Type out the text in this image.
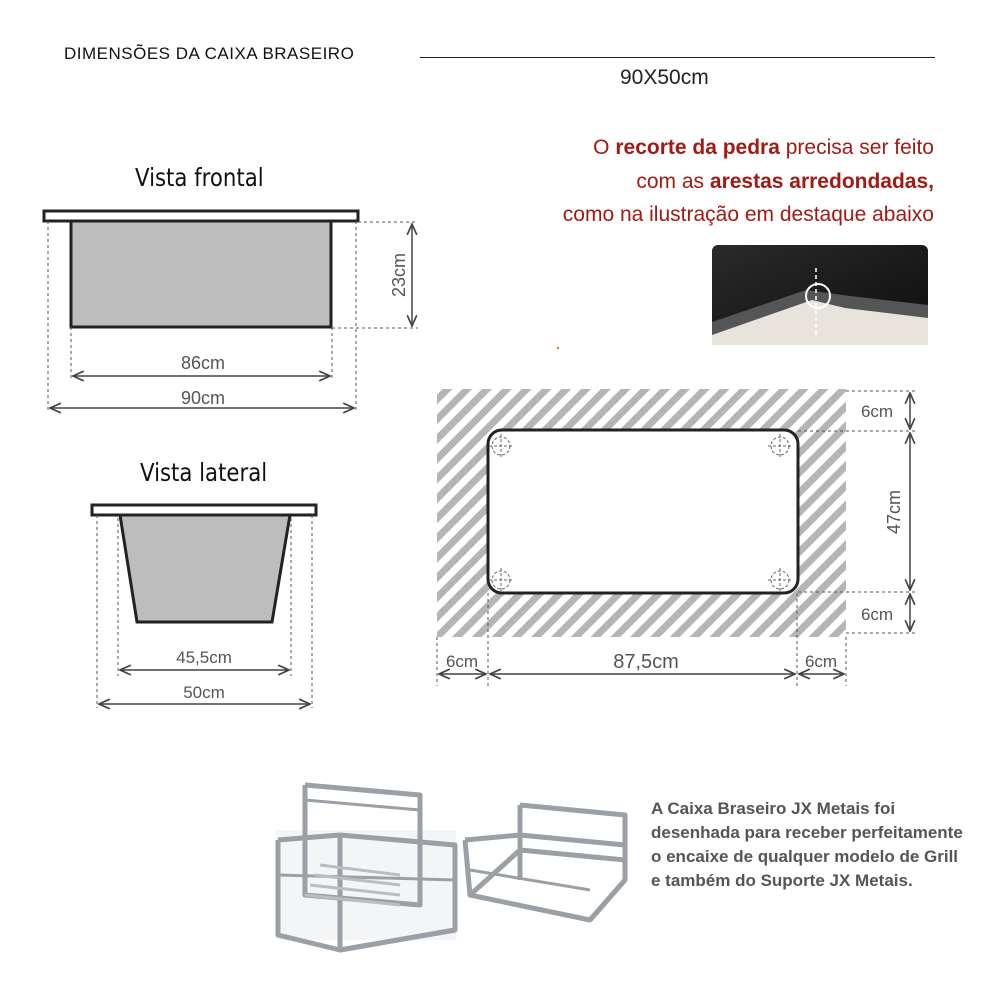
DIMENSÕES DA CAIXA BRASEIRO
90X50cm
O recorte da pedra precisa ser feito
com as arestas arredondadas,
como na ilustração em destaque abaixo
Vista frontal
Vista lateral
23cm
86cm
90cm
45,5cm
50cm
6cm
47cm
6cm
6cm	87,5cm	6cm
A Caixa Braseiro JX Metais foi desenhada para receber perfeitamente o encaixe de qualquer modelo de Grill e também do Suporte JX Metais.
